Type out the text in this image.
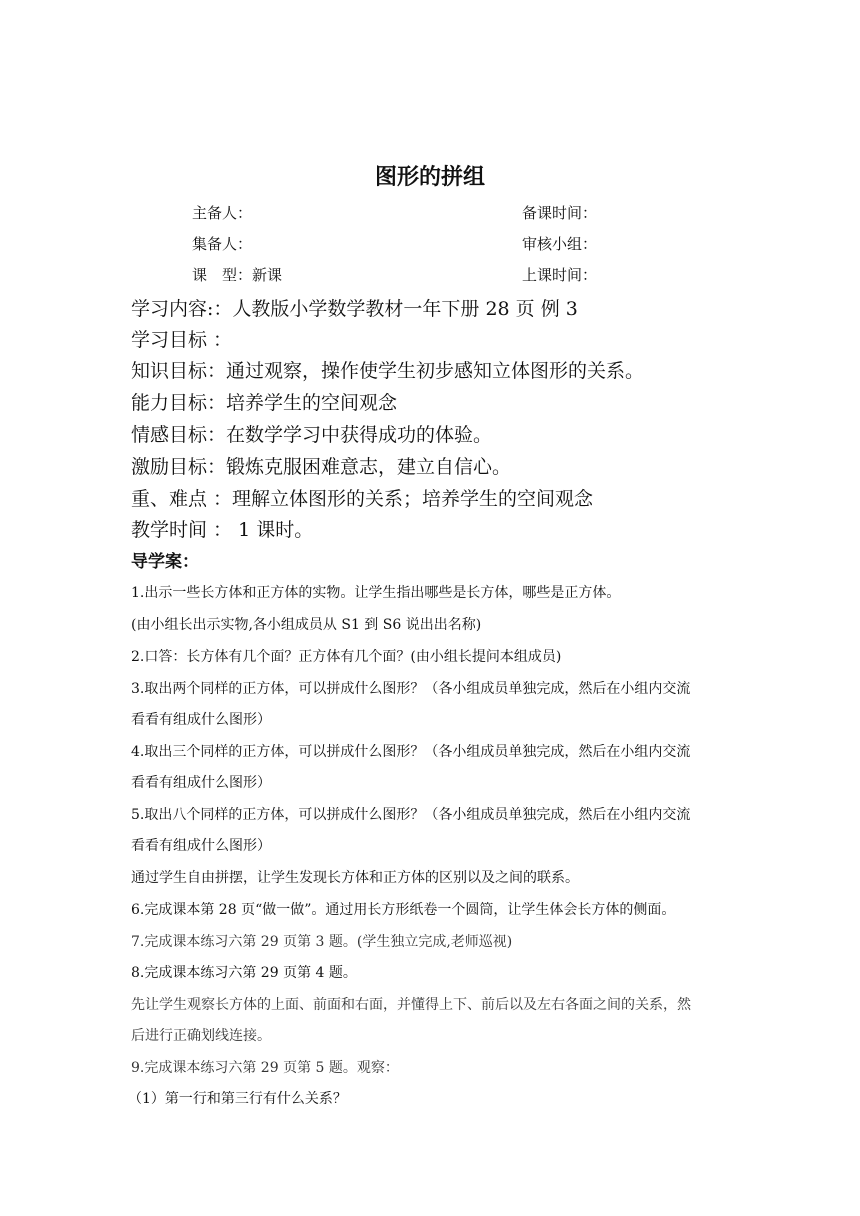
图形的拼组
主备人：	备课时间：
集备人：	审核小组：
课　型：新课	上课时间：
学习内容:：人教版小学数学教材一年下册 28 页 例 3
学习目标 ：
知识目标：通过观察，操作使学生初步感知立体图形的关系。
能力目标：培养学生的空间观念
情感目标：在数学学习中获得成功的体验。
激励目标：锻炼克服困难意志，建立自信心。
重、难点 ：理解立体图形的关系；培养学生的空间观念
教学时间 ： 1 课时。
导学案：
1.出示一些长方体和正方体的实物。让学生指出哪些是长方体，哪些是正方体。
(由小组长出示实物,各小组成员从 S1 到 S6 说出出名称)
2.口答：长方体有几个面？正方体有几个面？(由小组长提问本组成员)
3.取出两个同样的正方体，可以拼成什么图形？（各小组成员单独完成，然后在小组内交流
看看有组成什么图形）
4.取出三个同样的正方体，可以拼成什么图形？（各小组成员单独完成，然后在小组内交流
看看有组成什么图形）
5.取出八个同样的正方体，可以拼成什么图形？（各小组成员单独完成，然后在小组内交流
看看有组成什么图形）
通过学生自由拼摆，让学生发现长方体和正方体的区别以及之间的联系。
6.完成课本第 28 页“做一做”。通过用长方形纸卷一个圆筒，让学生体会长方体的侧面。
7.完成课本练习六第 29 页第 3 题。(学生独立完成,老师巡视)
8.完成课本练习六第 29 页第 4 题。
先让学生观察长方体的上面、前面和右面，并懂得上下、前后以及左右各面之间的关系，然
后进行正确划线连接。
9.完成课本练习六第 29 页第 5 题。观察：
（1）第一行和第三行有什么关系？
